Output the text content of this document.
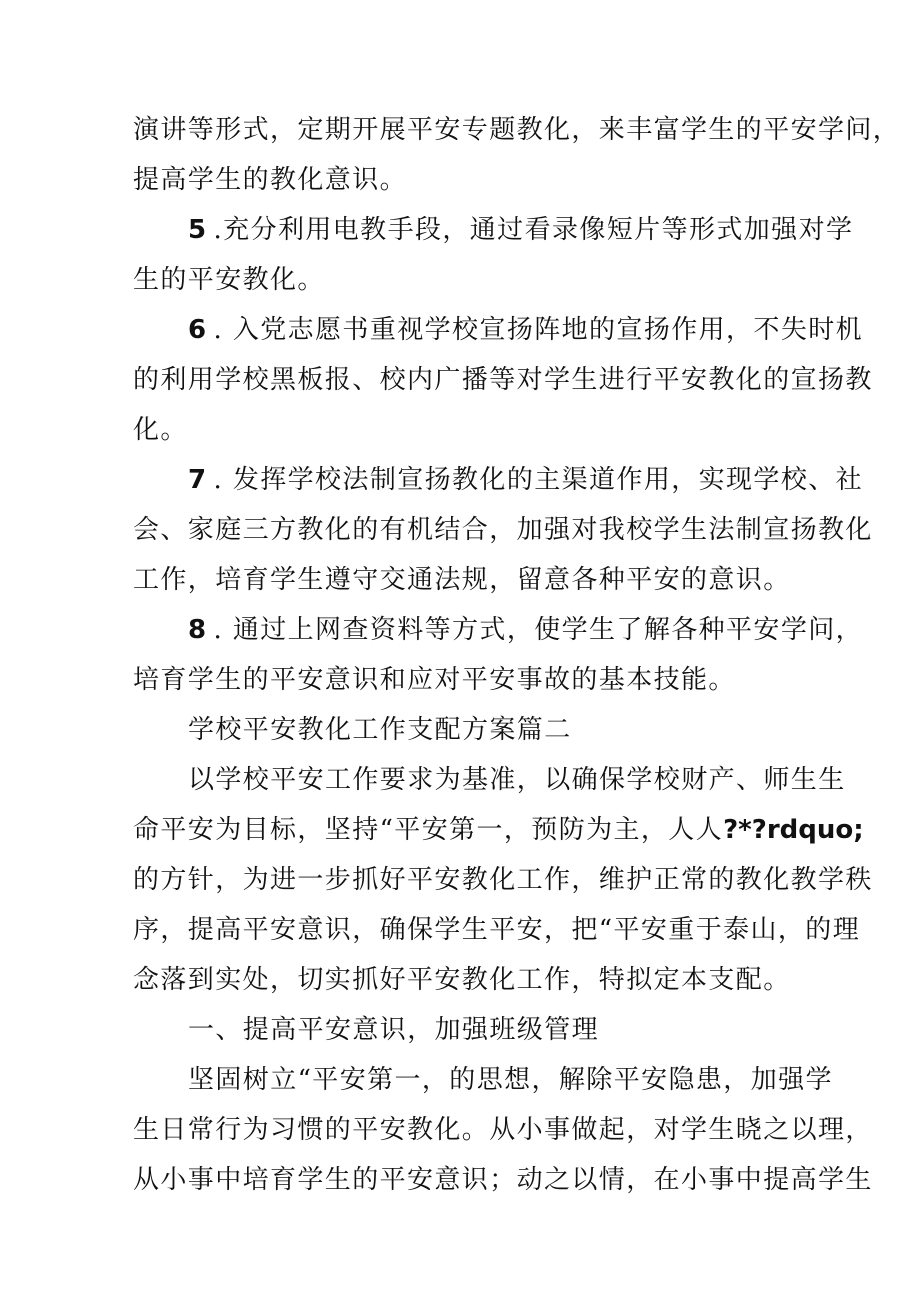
演讲等形式，定期开展平安专题教化，来丰富学生的平安学问，
提高学生的教化意识。
5 .充分利用电教手段，通过看录像短片等形式加强对学
生的平安教化。
6 . 入党志愿书重视学校宣扬阵地的宣扬作用，不失时机
的利用学校黑板报、校内广播等对学生进行平安教化的宣扬教
化。
7 . 发挥学校法制宣扬教化的主渠道作用，实现学校、社
会、家庭三方教化的有机结合，加强对我校学生法制宣扬教化
工作，培育学生遵守交通法规，留意各种平安的意识。
8 . 通过上网查资料等方式，使学生了解各种平安学问，
培育学生的平安意识和应对平安事故的基本技能。
学校平安教化工作支配方案篇二
以学校平安工作要求为基准，以确保学校财产、师生生
命平安为目标，坚持“平安第一，预防为主，人人?*?rdquo;
的方针，为进一步抓好平安教化工作，维护正常的教化教学秩
序，提高平安意识，确保学生平安，把“平安重于泰山，的理
念落到实处，切实抓好平安教化工作，特拟定本支配。
一、提高平安意识，加强班级管理
坚固树立“平安第一，的思想，解除平安隐患，加强学
生日常行为习惯的平安教化。从小事做起，对学生晓之以理，
从小事中培育学生的平安意识；动之以情，在小事中提高学生
